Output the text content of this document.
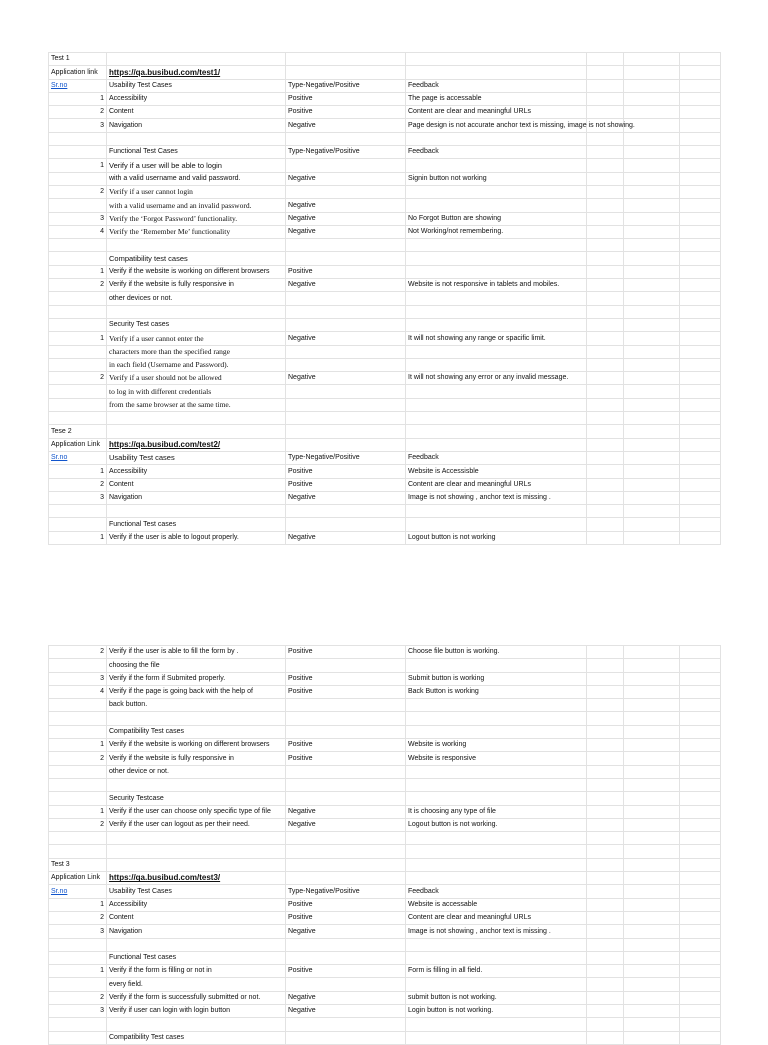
Test 1						
Application link	https://qa.busibud.com/test1/					
Sr.no	Usability Test Cases	Type-Negative/Positive	Feedback			
1	Accessibility	Positive	The page is accessable			
2	Content	Positive	Content are clear and meaningful URLs			
3	Navigation	Negative	Page design is not accurate anchor text is missing, image is not showing.			

	Functional Test Cases	Type-Negative/Positive	Feedback			
1	Verify if a user will be able to login					
	with a valid username and valid password.	Negative	Signin button not working			
2	Verify if a user cannot login					
	with a valid username and an invalid password.	Negative				
3	Verify the ‘Forgot Password’ functionality.	Negative	No Forgot Button are showing			
4	Verify the ‘Remember Me’ functionality	Negative	Not Working/not remembering.			

	Compatibility test cases					
1	Verify if the website is working on different browsers	Positive				
2	Verify if the website is fully responsive in	Negative	Website is not responsive in tablets and mobiles.			
	other devices or not.					

	Security Test cases					
1	Verify if a user cannot enter the	Negative	It will not showing any range or spacific limit.			
	characters more than the specified range					
	in each field (Username and Password).					
2	Verify if a user should not be allowed	Negative	It will not showing any error or any invalid message.			
	to log in with different credentials					
	from the same browser at the same time.					

Tese 2						
Application Link	https://qa.busibud.com/test2/					
Sr.no	Usability Test cases	Type-Negative/Positive	Feedback			
1	Accessibility	Positive	Website is Accessisble			
2	Content	Positive	Content are clear and meaningful URLs			
3	Navigation	Negative	Image is not showing , anchor text is missing .			

	Functional Test cases					
1	Verify if the user is able to logout properly.	Negative	Logout button is not working			
2	Verify if the user is able to fill the form by .	Positive	Choose file button is working.			
	choosing the file					
3	Verify if the form if Submited properly.	Positive	Submit button is working			
4	Verify if the page is going back with the help of	Positive	Back Button is working			
	back button.					

	Compatibility Test cases					
1	Verify if the website is working on different browsers	Positive	Website is working			
2	Verify if the website is fully responsive in	Positive	Website is responsive			
	other device or not.					

	Security Testcase					
1	Verify if the user can choose only specific type of file	Negative	It is choosing any type of file			
2	Verify if the user can logout as per their need.	Negative	Logout button is not working.			

Test 3						
Application Link	https://qa.busibud.com/test3/					
Sr.no	Usability Test Cases	Type-Negative/Positive	Feedback			
1	Accessibility	Positive	Website is accessable			
2	Content	Positive	Content are clear and meaningful URLs			
3	Navigation	Negative	Image is not showing , anchor text is missing .			

	Functional Test cases					
1	Verify if the form is filling or not in	Positive	Form is filling in all field.			
	every field.					
2	Verify if the form is successfully submitted or not.	Negative	submit button is not working.			
3	Verify if user can login with login button	Negative	Login button is not working.			

	Compatibility Test cases					
